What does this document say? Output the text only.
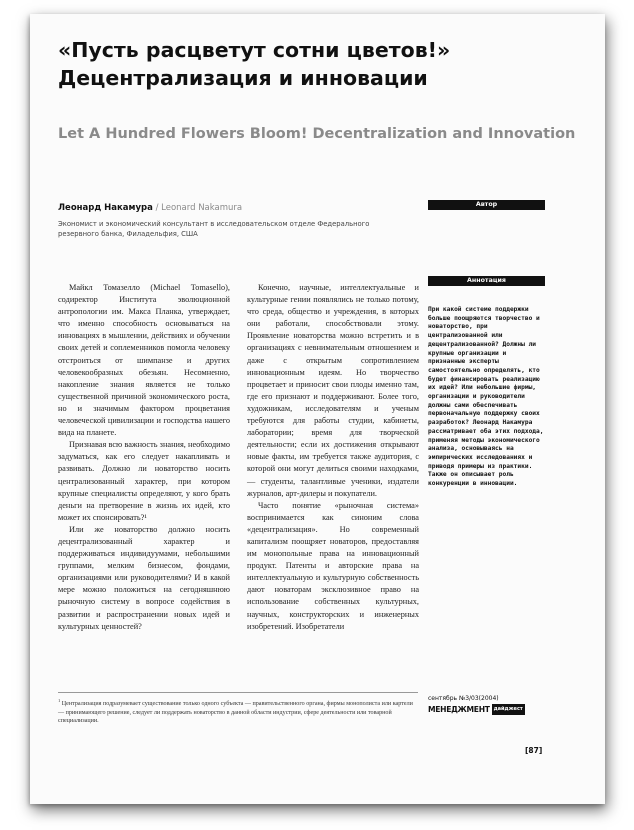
«Пусть расцветут сотни цветов!» Децентрализация и инновации
Let A Hundred Flowers Bloom! Decentralization and Innovation
Леонард Накамура / Leonard Nakamura

Экономист и экономический консультант в исследовательском отделе Федерального резервного банка, Филадельфия, США

Автор
Аннотация

Майкл Томазелло (Michael Tomasello), содиректор Института эволюционной антропологии им. Макса Планка, утверждает, что именно способность основываться на инновациях в мышлении, действиях и обучении своих детей и соплеменников помогла человеку отстроиться от шимпанзе и других человекообразных обезьян. Несомненно, накопление знания является не только существенной причиной экономического роста, но и значимым фактором процветания человеческой цивилизации и господства нашего вида на планете.

Признавая всю важность знания, необходимо задуматься, как его следует накапливать и развивать. Должно ли новаторство носить централизованный характер, при котором крупные специалисты определяют, у кого брать деньги на претворение в жизнь их идей, кто может их спонсировать?¹

Или же новаторство должно носить децентрализованный характер и поддерживаться индивидуумами, небольшими группами, мелким бизнесом, фондами, организациями или руководителями? И в какой мере можно положиться на сегодняшнюю рыночную систему в вопросе содействия в развитии и распространении новых идей и культурных ценностей?

Конечно, научные, интеллектуальные и культурные гении появлялись не только потому, что среда, общество и учреждения, в которых они работали, способствовали этому. Проявление новаторства можно встретить и в организациях с невнимательным отношением и даже с открытым сопротивлением инновационным идеям. Но творчество процветает и приносит свои плоды именно там, где его признают и поддерживают. Более того, художникам, исследователям и ученым требуются для работы студии, кабинеты, лаборатории; время для творческой деятельности; если их достижения открывают новые факты, им требуется также аудитория, с которой они могут делиться своими находками, — студенты, талантливые ученики, издатели журналов, арт-дилеры и покупатели.

Часто понятие «рыночная система» воспринимается как синоним слова «децентрализация». Но современный капитализм поощряет новаторов, предоставляя им монопольные права на инновационный продукт. Патенты и авторские права на интеллектуальную и культурную собственность дают новаторам эксклюзивное право на использование собственных культурных, научных, конструкторских и инженерных изобретений. Изобретатели

При какой системе поддержки больше поощряются творчество и новаторство, при централизованной или децентрализованной? Должны ли крупные организации и признанные эксперты самостоятельно определять, кто будет финансировать реализацию их идей? Или небольшие фирмы, организации и руководители должны сами обеспечивать первоначальную поддержку своих разработок? Леонард Накамура рассматривает оба этих подхода, применяя методы экономического анализа, основываясь на эмпирических исследованиях и приводя примеры из практики. Также он описывает роль конкуренции в инновации.

$^1$ Централизация подразумевает существование только одного субъекта — правительственного органа, фирмы монополиста или картели — принимающего решение, следует ли поддержать новаторство в данной области индустрии, сфере деятельности или товарной специализации.

сентябрь №3/03(2004)
МЕНЕДЖМЕНТ дайджест
[87]
